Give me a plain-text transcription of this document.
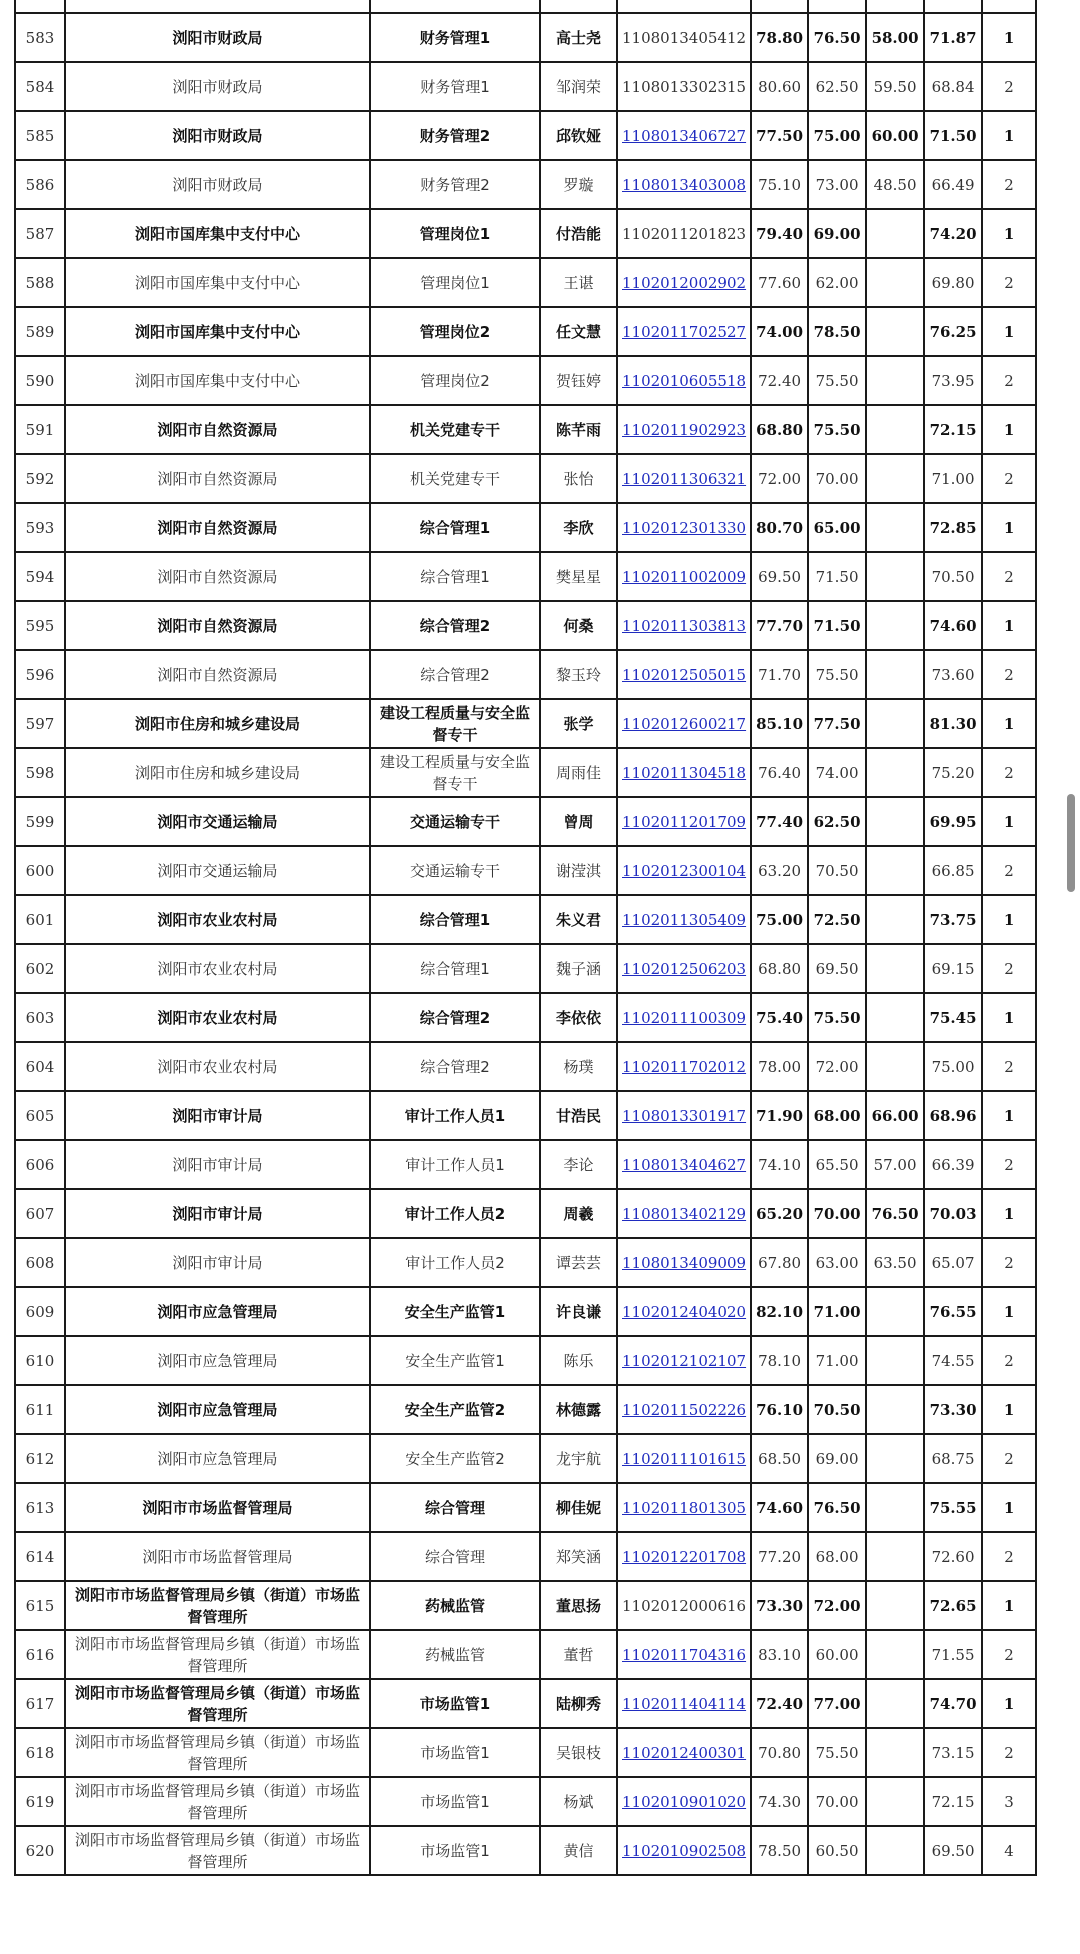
583	浏阳市财政局	财务管理1	高士尧	1108013405412	78.80	76.50	58.00	71.87	1
584	浏阳市财政局	财务管理1	邹润荣	1108013302315	80.60	62.50	59.50	68.84	2
585	浏阳市财政局	财务管理2	邱钦娅	1108013406727	77.50	75.00	60.00	71.50	1
586	浏阳市财政局	财务管理2	罗璇	1108013403008	75.10	73.00	48.50	66.49	2
587	浏阳市国库集中支付中心	管理岗位1	付浩能	1102011201823	79.40	69.00		74.20	1
588	浏阳市国库集中支付中心	管理岗位1	王谌	1102012002902	77.60	62.00		69.80	2
589	浏阳市国库集中支付中心	管理岗位2	任文慧	1102011702527	74.00	78.50		76.25	1
590	浏阳市国库集中支付中心	管理岗位2	贺钰婷	1102010605518	72.40	75.50		73.95	2
591	浏阳市自然资源局	机关党建专干	陈芊雨	1102011902923	68.80	75.50		72.15	1
592	浏阳市自然资源局	机关党建专干	张怡	1102011306321	72.00	70.00		71.00	2
593	浏阳市自然资源局	综合管理1	李欣	1102012301330	80.70	65.00		72.85	1
594	浏阳市自然资源局	综合管理1	樊星星	1102011002009	69.50	71.50		70.50	2
595	浏阳市自然资源局	综合管理2	何桑	1102011303813	77.70	71.50		74.60	1
596	浏阳市自然资源局	综合管理2	黎玉玲	1102012505015	71.70	75.50		73.60	2
597	浏阳市住房和城乡建设局	建设工程质量与安全监督专干	张学	1102012600217	85.10	77.50		81.30	1
598	浏阳市住房和城乡建设局	建设工程质量与安全监督专干	周雨佳	1102011304518	76.40	74.00		75.20	2
599	浏阳市交通运输局	交通运输专干	曾周	1102011201709	77.40	62.50		69.95	1
600	浏阳市交通运输局	交通运输专干	谢滢淇	1102012300104	63.20	70.50		66.85	2
601	浏阳市农业农村局	综合管理1	朱义君	1102011305409	75.00	72.50		73.75	1
602	浏阳市农业农村局	综合管理1	魏子涵	1102012506203	68.80	69.50		69.15	2
603	浏阳市农业农村局	综合管理2	李依依	1102011100309	75.40	75.50		75.45	1
604	浏阳市农业农村局	综合管理2	杨璞	1102011702012	78.00	72.00		75.00	2
605	浏阳市审计局	审计工作人员1	甘浩民	1108013301917	71.90	68.00	66.00	68.96	1
606	浏阳市审计局	审计工作人员1	李论	1108013404627	74.10	65.50	57.00	66.39	2
607	浏阳市审计局	审计工作人员2	周羲	1108013402129	65.20	70.00	76.50	70.03	1
608	浏阳市审计局	审计工作人员2	谭芸芸	1108013409009	67.80	63.00	63.50	65.07	2
609	浏阳市应急管理局	安全生产监管1	许良谦	1102012404020	82.10	71.00		76.55	1
610	浏阳市应急管理局	安全生产监管1	陈乐	1102012102107	78.10	71.00		74.55	2
611	浏阳市应急管理局	安全生产监管2	林德露	1102011502226	76.10	70.50		73.30	1
612	浏阳市应急管理局	安全生产监管2	龙宇航	1102011101615	68.50	69.00		68.75	2
613	浏阳市市场监督管理局	综合管理	柳佳妮	1102011801305	74.60	76.50		75.55	1
614	浏阳市市场监督管理局	综合管理	郑笑涵	1102012201708	77.20	68.00		72.60	2
615	浏阳市市场监督管理局乡镇（街道）市场监督管理所	药械监管	董思扬	1102012000616	73.30	72.00		72.65	1
616	浏阳市市场监督管理局乡镇（街道）市场监督管理所	药械监管	董哲	1102011704316	83.10	60.00		71.55	2
617	浏阳市市场监督管理局乡镇（街道）市场监督管理所	市场监管1	陆柳秀	1102011404114	72.40	77.00		74.70	1
618	浏阳市市场监督管理局乡镇（街道）市场监督管理所	市场监管1	吴银枝	1102012400301	70.80	75.50		73.15	2
619	浏阳市市场监督管理局乡镇（街道）市场监督管理所	市场监管1	杨斌	1102010901020	74.30	70.00		72.15	3
620	浏阳市市场监督管理局乡镇（街道）市场监督管理所	市场监管1	黄信	1102010902508	78.50	60.50		69.50	4
